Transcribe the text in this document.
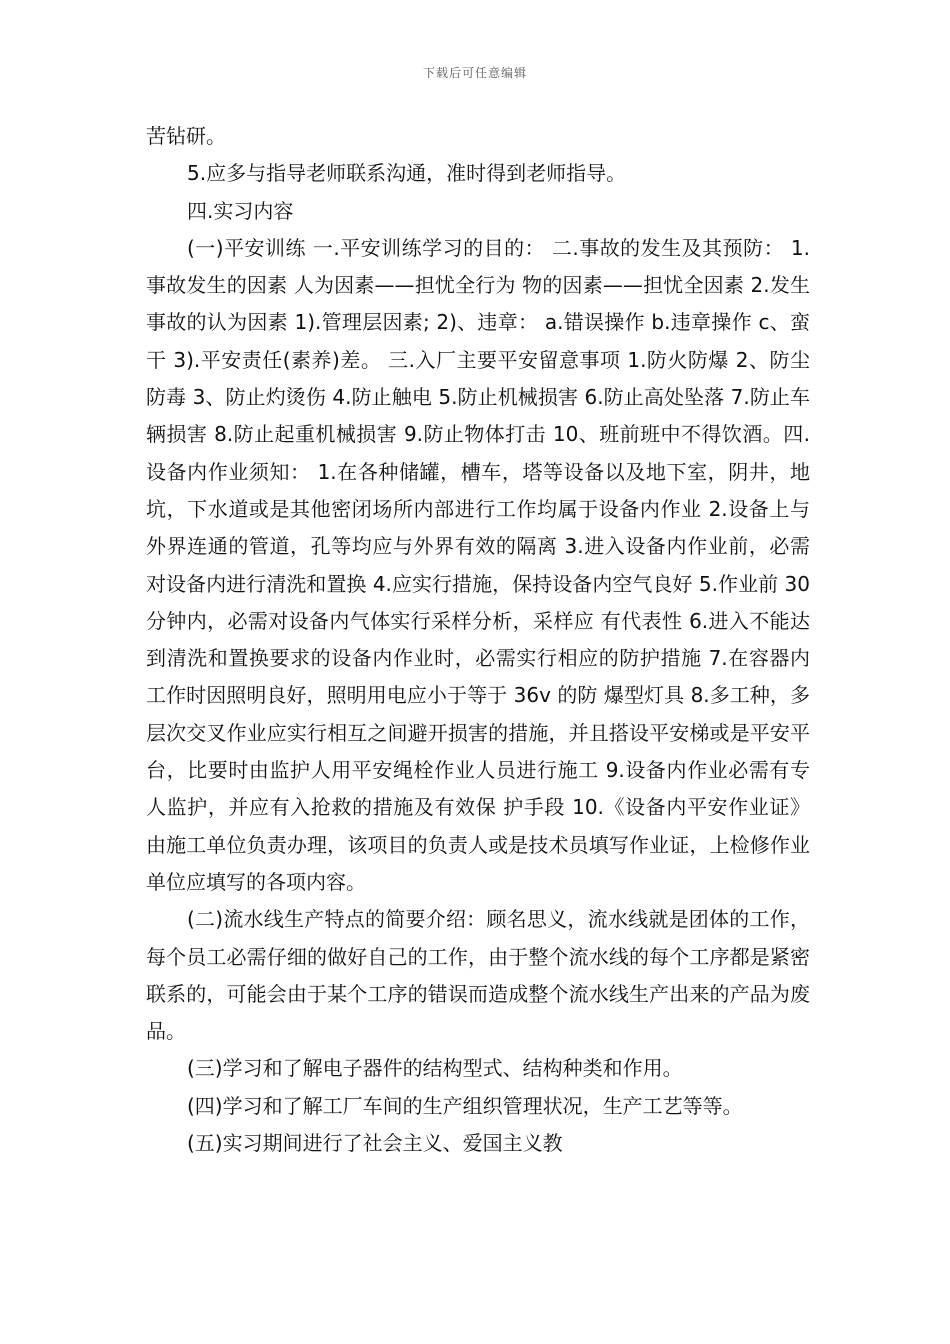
下载后可任意编辑

苦钻研。

5.应多与指导老师联系沟通，准时得到老师指导。

四.实习内容

(一)平安训练 一.平安训练学习的目的： 二.事故的发生及其预防： 1.事故发生的因素 人为因素——担忧全行为 物的因素——担忧全因素 2.发生事故的认为因素 1).管理层因素; 2)、违章： a.错误操作 b.违章操作 c、蛮干 3).平安责任(素养)差。 三.入厂主要平安留意事项 1.防火防爆 2、防尘防毒 3、防止灼烫伤 4.防止触电 5.防止机械损害 6.防止高处坠落 7.防止车辆损害 8.防止起重机械损害 9.防止物体打击 10、班前班中不得饮酒。四.设备内作业须知： 1.在各种储罐，槽车，塔等设备以及地下室，阴井，地坑，下水道或是其他密闭场所内部进行工作均属于设备内作业 2.设备上与外界连通的管道，孔等均应与外界有效的隔离 3.进入设备内作业前，必需对设备内进行清洗和置换 4.应实行措施，保持设备内空气良好 5.作业前 30 分钟内，必需对设备内气体实行采样分析，采样应 有代表性 6.进入不能达到清洗和置换要求的设备内作业时，必需实行相应的防护措施 7.在容器内工作时因照明良好，照明用电应小于等于 36v 的防 爆型灯具 8.多工种，多层次交叉作业应实行相互之间避开损害的措施，并且搭设平安梯或是平安平台，比要时由监护人用平安绳栓作业人员进行施工 9.设备内作业必需有专人监护，并应有入抢救的措施及有效保 护手段 10.《设备内平安作业证》由施工单位负责办理，该项目的负责人或是技术员填写作业证，上检修作业单位应填写的各项内容。

(二)流水线生产特点的简要介绍：顾名思义，流水线就是团体的工作，每个员工必需仔细的做好自己的工作，由于整个流水线的每个工序都是紧密联系的，可能会由于某个工序的错误而造成整个流水线生产出来的产品为废品。

(三)学习和了解电子器件的结构型式、结构种类和作用。

(四)学习和了解工厂车间的生产组织管理状况，生产工艺等等。

(五)实习期间进行了社会主义、爱国主义教
